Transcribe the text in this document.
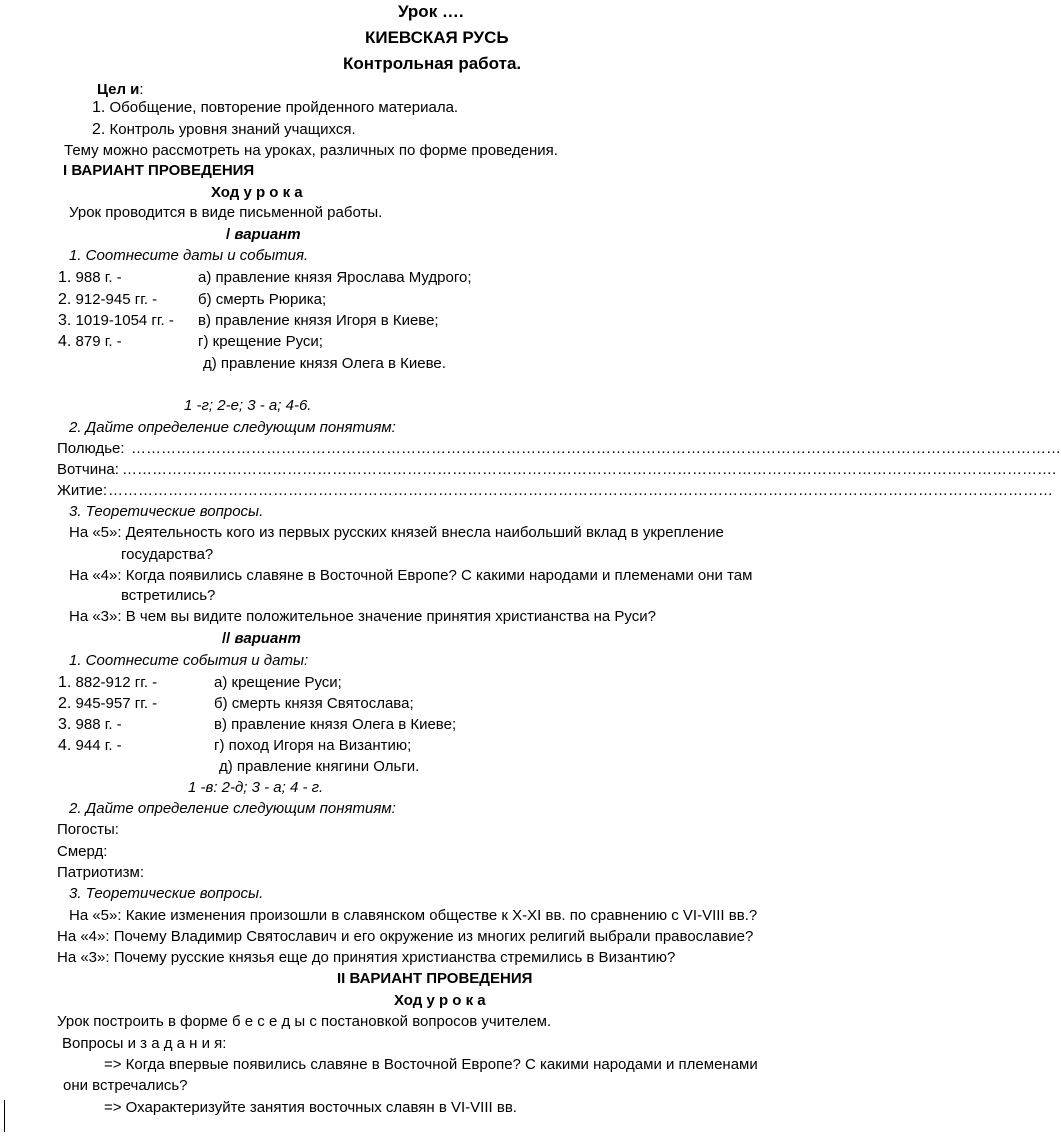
Урок ….
КИЕВСКАЯ РУСЬ
Контрольная работа.
Цел и:
1. Обобщение, повторение пройденного материала.
2. Контроль уровня знаний учащихся.
Тему можно рассмотреть на уроках, различных по форме проведения.
I ВАРИАНТ ПРОВЕДЕНИЯ
Ход у р о к а
Урок проводится в виде письменной работы.
/ вариант
1. Соотнесите даты и события.
1. 988 г. -
2. 912-945 гг. -
3. 1019-1054 гг. -
4. 879 г. -
а) правление князя Ярослава Мудрого;
б) смерть Рюрика;
в) правление князя Игоря в Киеве;
г) крещение Руси;
д) правление князя Олега в Киеве.
1 -г; 2-е; 3 - а; 4-6.
2. Дайте определение следующим понятиям:
Полюдье: ……………………………………………………………………………………………………………………………………………………………………
Вотчина: …………………………………………………………………………………………………………………………………………………………………….
Житие: ………………………………………………………………………………………………………………………………………………………………………
3. Теоретические вопросы.
На «5»: Деятельность кого из первых русских князей внесла наибольший вклад в укрепление
государства?
На «4»: Когда появились славяне в Восточной Европе? С какими народами и племенами они там
встретились?
На «3»: В чем вы видите положительное значение принятия христианства на Руси?
// вариант
1. Соотнесите события и даты:
1. 882-912 гг. -
2. 945-957 гг. -
3. 988 г. -
4. 944 г. -
а) крещение Руси;
б) смерть князя Святослава;
в) правление князя Олега в Киеве;
г) поход Игоря на Византию;
д) правление княгини Ольги.
1 -в: 2-д; 3 - а; 4 - г.
2. Дайте определение следующим понятиям:
Погосты:
Смерд:
Патриотизм:
3. Теоретические вопросы.
На «5»: Какие изменения произошли в славянском обществе к X-XI вв. по сравнению с VI-VIII вв.?
На «4»: Почему Владимир Святославич и его окружение из многих религий выбрали православие?
На «3»: Почему русские князья еще до принятия христианства стремились в Византию?
II ВАРИАНТ ПРОВЕДЕНИЯ
Ход у р о к а
Урок построить в форме б е с е д ы с постановкой вопросов учителем.
Вопросы и з а д а н и я:
=> Когда впервые появились славяне в Восточной Европе? С какими народами и племенами
они встречались?
=> Охарактеризуйте занятия восточных славян в VI-VIII вв.
